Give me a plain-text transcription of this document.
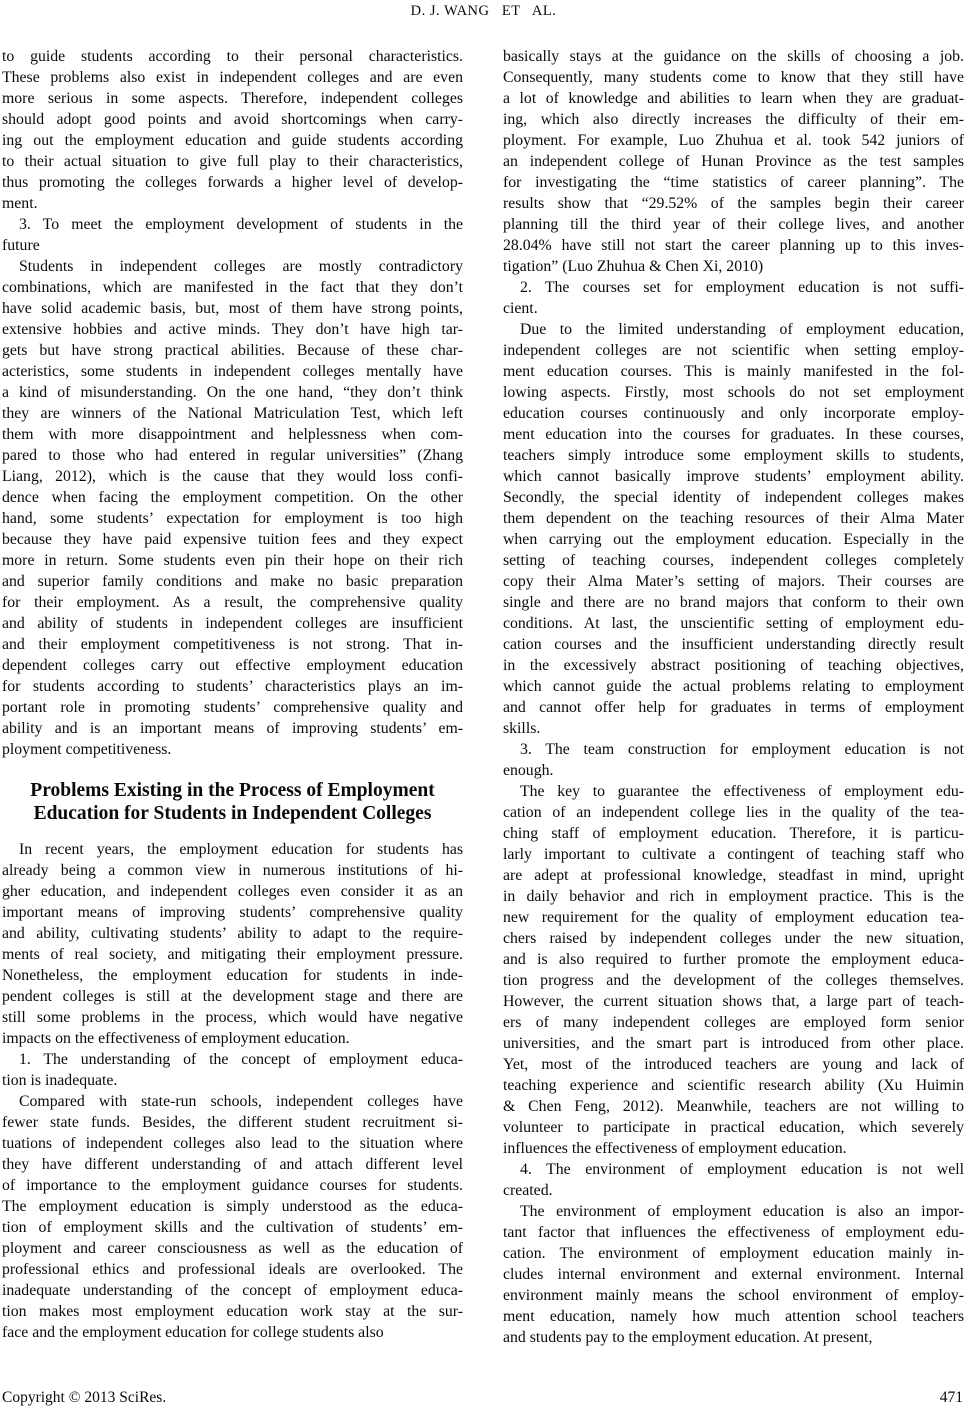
D. J. WANG   ET   AL.
to guide students according to their personal characteristics.
These problems also exist in independent colleges and are even
more serious in some aspects. Therefore, independent colleges
should adopt good points and avoid shortcomings when carry-
ing out the employment education and guide students according
to their actual situation to give full play to their characteristics,
thus promoting the colleges forwards a higher level of develop-
ment.
3. To meet the employment development of students in the
future
Students in independent colleges are mostly contradictory
combinations, which are manifested in the fact that they don’t
have solid academic basis, but, most of them have strong points,
extensive hobbies and active minds. They don’t have high tar-
gets but have strong practical abilities. Because of these char-
acteristics, some students in independent colleges mentally have
a kind of misunderstanding. On the one hand, “they don’t think
they are winners of the National Matriculation Test, which left
them with more disappointment and helplessness when com-
pared to those who had entered in regular universities” (Zhang
Liang, 2012), which is the cause that they would loss confi-
dence when facing the employment competition. On the other
hand, some students’ expectation for employment is too high
because they have paid expensive tuition fees and they expect
more in return. Some students even pin their hope on their rich
and superior family conditions and make no basic preparation
for their employment. As a result, the comprehensive quality
and ability of students in independent colleges are insufficient
and their employment competitiveness is not strong. That in-
dependent colleges carry out effective employment education
for students according to students’ characteristics plays an im-
portant role in promoting students’ comprehensive quality and
ability and is an important means of improving students’ em-
ployment competitiveness.
Problems Existing in the Process of Employment
Education for Students in Independent Colleges
In recent years, the employment education for students has
already being a common view in numerous institutions of hi-
gher education, and independent colleges even consider it as an
important means of improving students’ comprehensive quality
and ability, cultivating students’ ability to adapt to the require-
ments of real society, and mitigating their employment pressure.
Nonetheless, the employment education for students in inde-
pendent colleges is still at the development stage and there are
still some problems in the process, which would have negative
impacts on the effectiveness of employment education.
1. The understanding of the concept of employment educa-
tion is inadequate.
Compared with state-run schools, independent colleges have
fewer state funds. Besides, the different student recruitment si-
tuations of independent colleges also lead to the situation where
they have different understanding of and attach different level
of importance to the employment guidance courses for students.
The employment education is simply understood as the educa-
tion of employment skills and the cultivation of students’ em-
ployment and career consciousness as well as the education of
professional ethics and professional ideals are overlooked. The
inadequate understanding of the concept of employment educa-
tion makes most employment education work stay at the sur-
face and the employment education for college students also
basically stays at the guidance on the skills of choosing a job.
Consequently, many students come to know that they still have
a lot of knowledge and abilities to learn when they are graduat-
ing, which also directly increases the difficulty of their em-
ployment. For example, Luo Zhuhua et al. took 542 juniors of
an independent college of Hunan Province as the test samples
for investigating the “time statistics of career planning”. The
results show that “29.52% of the samples begin their career
planning till the third year of their college lives, and another
28.04% have still not start the career planning up to this inves-
tigation” (Luo Zhuhua & Chen Xi, 2010)
2. The courses set for employment education is not suffi-
cient.
Due to the limited understanding of employment education,
independent colleges are not scientific when setting employ-
ment education courses. This is mainly manifested in the fol-
lowing aspects. Firstly, most schools do not set employment
education courses continuously and only incorporate employ-
ment education into the courses for graduates. In these courses,
teachers simply introduce some employment skills to students,
which cannot basically improve students’ employment ability.
Secondly, the special identity of independent colleges makes
them dependent on the teaching resources of their Alma Mater
when carrying out the employment education. Especially in the
setting of teaching courses, independent colleges completely
copy their Alma Mater’s setting of majors. Their courses are
single and there are no brand majors that conform to their own
conditions. At last, the unscientific setting of employment edu-
cation courses and the insufficient understanding directly result
in the excessively abstract positioning of teaching objectives,
which cannot guide the actual problems relating to employment
and cannot offer help for graduates in terms of employment
skills.
3. The team construction for employment education is not
enough.
The key to guarantee the effectiveness of employment edu-
cation of an independent college lies in the quality of the tea-
ching staff of employment education. Therefore, it is particu-
larly important to cultivate a contingent of teaching staff who
are adept at professional knowledge, steadfast in mind, upright
in daily behavior and rich in employment practice. This is the
new requirement for the quality of employment education tea-
chers raised by independent colleges under the new situation,
and is also required to further promote the employment educa-
tion progress and the development of the colleges themselves.
However, the current situation shows that, a large part of teach-
ers of many independent colleges are employed form senior
universities, and the smart part is introduced from other place.
Yet, most of the introduced teachers are young and lack of
teaching experience and scientific research ability (Xu Huimin
& Chen Feng, 2012). Meanwhile, teachers are not willing to
volunteer to participate in practical education, which severely
influences the effectiveness of employment education.
4. The environment of employment education is not well
created.
The environment of employment education is also an impor-
tant factor that influences the effectiveness of employment edu-
cation. The environment of employment education mainly in-
cludes internal environment and external environment. Internal
environment mainly means the school environment of employ-
ment education, namely how much attention school teachers
and students pay to the employment education. At present,
Copyright © 2013 SciRes.	471
